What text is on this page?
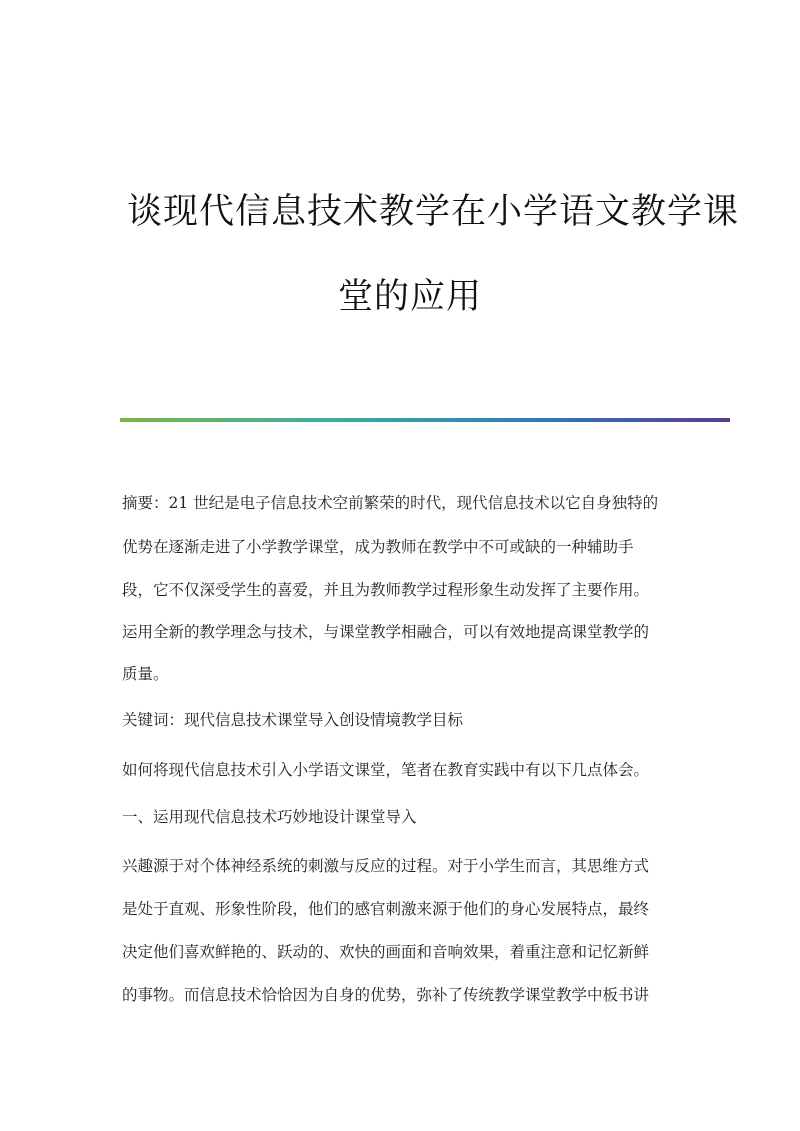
谈现代信息技术教学在小学语文教学课
堂的应用
摘要：21 世纪是电子信息技术空前繁荣的时代，现代信息技术以它自身独特的
优势在逐渐走进了小学教学课堂，成为教师在教学中不可或缺的一种辅助手
段，它不仅深受学生的喜爱，并且为教师教学过程形象生动发挥了主要作用。
运用全新的教学理念与技术，与课堂教学相融合，可以有效地提高课堂教学的
质量。
关键词：现代信息技术课堂导入创设情境教学目标
如何将现代信息技术引入小学语文课堂，笔者在教育实践中有以下几点体会。
一、运用现代信息技术巧妙地设计课堂导入
兴趣源于对个体神经系统的刺激与反应的过程。对于小学生而言，其思维方式
是处于直观、形象性阶段，他们的感官刺激来源于他们的身心发展特点，最终
决定他们喜欢鲜艳的、跃动的、欢快的画面和音响效果，着重注意和记忆新鲜
的事物。而信息技术恰恰因为自身的优势，弥补了传统教学课堂教学中板书讲
